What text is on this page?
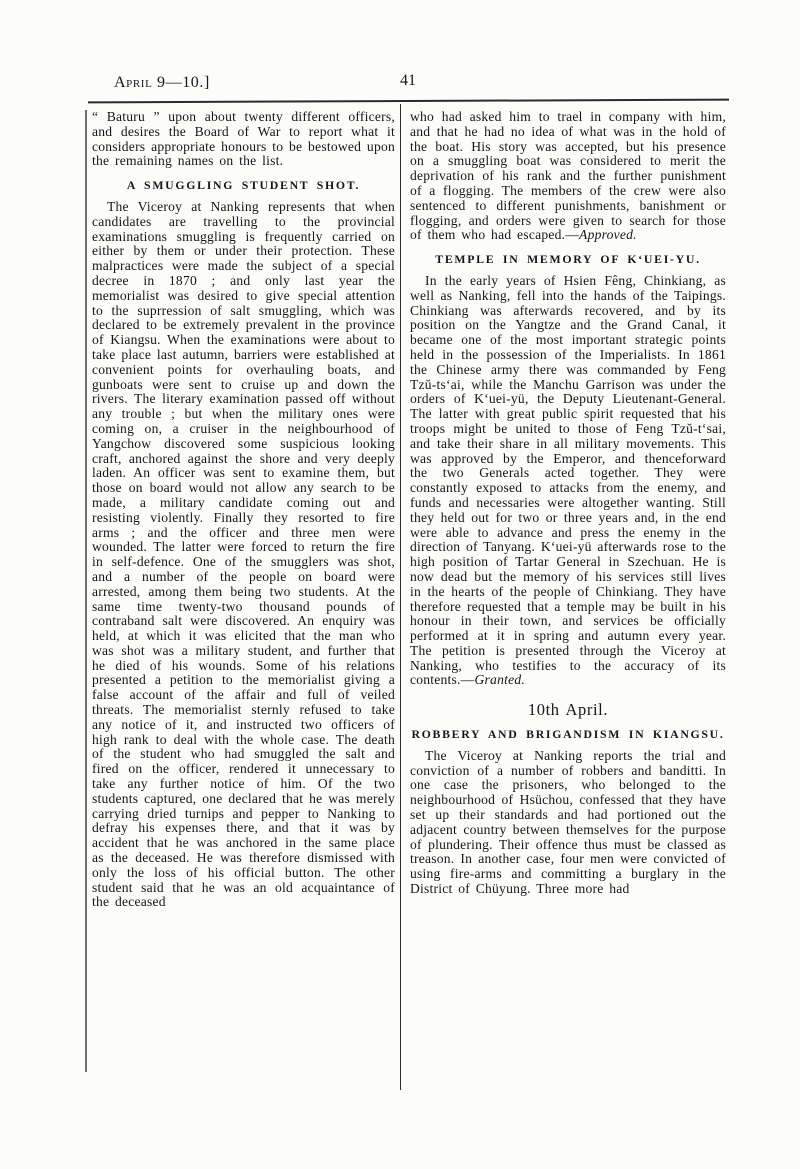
April 9—10.]	41

“ Baturu ” upon about twenty different officers, and desires the Board of War to report what it considers appropriate honours to be bestowed upon the remaining names on the list.

A SMUGGLING STUDENT SHOT.

The Viceroy at Nanking represents that when candidates are travelling to the provincial examinations smuggling is frequently carried on either by them or under their protection. These malpractices were made the subject of a special decree in 1870 ; and only last year the memorialist was desired to give special attention to the suprression of salt smuggling, which was declared to be extremely prevalent in the province of Kiangsu. When the examinations were about to take place last autumn, barriers were established at convenient points for overhauling boats, and gunboats were sent to cruise up and down the rivers. The literary examination passed off without any trouble ; but when the military ones were coming on, a cruiser in the neighbourhood of Yangchow discovered some suspicious looking craft, anchored against the shore and very deeply laden. An officer was sent to examine them, but those on board would not allow any search to be made, a military candidate coming out and resisting violently. Finally they resorted to fire arms ; and the officer and three men were wounded. The latter were forced to return the fire in self-defence. One of the smugglers was shot, and a number of the people on board were arrested, among them being two students. At the same time twenty-two thousand pounds of contraband salt were discovered. An enquiry was held, at which it was elicited that the man who was shot was a military student, and further that he died of his wounds. Some of his relations presented a petition to the memorialist giving a false account of the affair and full of veiled threats. The memorialist sternly refused to take any notice of it, and instructed two officers of high rank to deal with the whole case. The death of the student who had smuggled the salt and fired on the officer, rendered it unnecessary to take any further notice of him. Of the two students captured, one declared that he was merely carrying dried turnips and pepper to Nanking to defray his expenses there, and that it was by accident that he was anchored in the same place as the deceased. He was therefore dismissed with only the loss of his official button. The other student said that he was an old acquaintance of the deceased

who had asked him to trael in company with him, and that he had no idea of what was in the hold of the boat. His story was accepted, but his presence on a smuggling boat was considered to merit the deprivation of his rank and the further punishment of a flogging. The members of the crew were also sentenced to different punishments, banishment or flogging, and orders were given to search for those of them who had escaped.—Approved.

TEMPLE IN MEMORY OF K‘UEI-YU.

In the early years of Hsien Fêng, Chinkiang, as well as Nanking, fell into the hands of the Taipings. Chinkiang was afterwards recovered, and by its position on the Yangtze and the Grand Canal, it became one of the most important strategic points held in the possession of the Imperialists. In 1861 the Chinese army there was commanded by Feng Tzŭ-ts‘ai, while the Manchu Garrison was under the orders of K‘uei-yü, the Deputy Lieutenant-General. The latter with great public spirit requested that his troops might be united to those of Feng Tzŭ-t‘sai, and take their share in all military movements. This was approved by the Emperor, and thenceforward the two Generals acted together. They were constantly exposed to attacks from the enemy, and funds and necessaries were altogether wanting. Still they held out for two or three years and, in the end were able to advance and press the enemy in the direction of Tanyang. K‘uei-yü afterwards rose to the high position of Tartar General in Szechuan. He is now dead but the memory of his services still lives in the hearts of the people of Chinkiang. They have therefore requested that a temple may be built in his honour in their town, and services be officially performed at it in spring and autumn every year. The petition is presented through the Viceroy at Nanking, who testifies to the accuracy of its contents.—Granted.

10th April.
ROBBERY AND BRIGANDISM IN KIANGSU.

The Viceroy at Nanking reports the trial and conviction of a number of robbers and banditti. In one case the prisoners, who belonged to the neighbourhood of Hsüchou, confessed that they have set up their standards and had portioned out the adjacent country between themselves for the purpose of plundering. Their offence thus must be classed as treason. In another case, four men were convicted of using fire-arms and committing a burglary in the District of Chüyung. Three more had
